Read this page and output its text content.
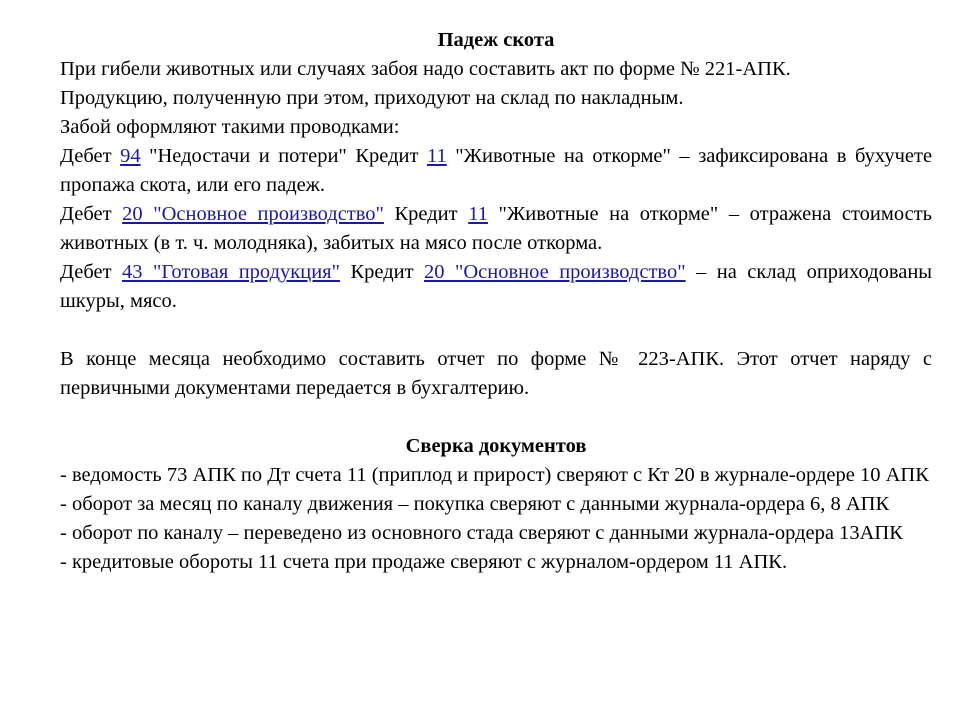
Падеж скота

При гибели животных или случаях забоя надо составить акт по форме № 221-АПК.

Продукцию, полученную при этом, приходуют на склад по накладным.

Забой оформляют такими проводками:

Дебет 94 "Недостачи и потери" Кредит 11 "Животные на откорме" – зафиксирована в бухучете пропажа скота, или его падеж.

Дебет 20 "Основное производство" Кредит 11 "Животные на откорме" – отражена стоимость животных (в т. ч. молодняка), забитых на мясо после откорма.

Дебет 43 "Готовая продукция" Кредит 20 "Основное производство" – на склад оприходованы шкуры, мясо.

В конце месяца необходимо составить отчет по форме № 223-АПК. Этот отчет наряду с первичными документами передается в бухгалтерию.

Сверка документов

- ведомость 73 АПК по Дт счета 11 (приплод и прирост) сверяют с Кт 20 в журнале-ордере 10 АПК

- оборот за месяц по каналу движения – покупка сверяют с данными журнала-ордера 6, 8 АПК

- оборот по каналу – переведено из основного стада сверяют с данными журнала-ордера 13АПК

- кредитовые обороты 11 счета при продаже сверяют с журналом-ордером 11 АПК.
